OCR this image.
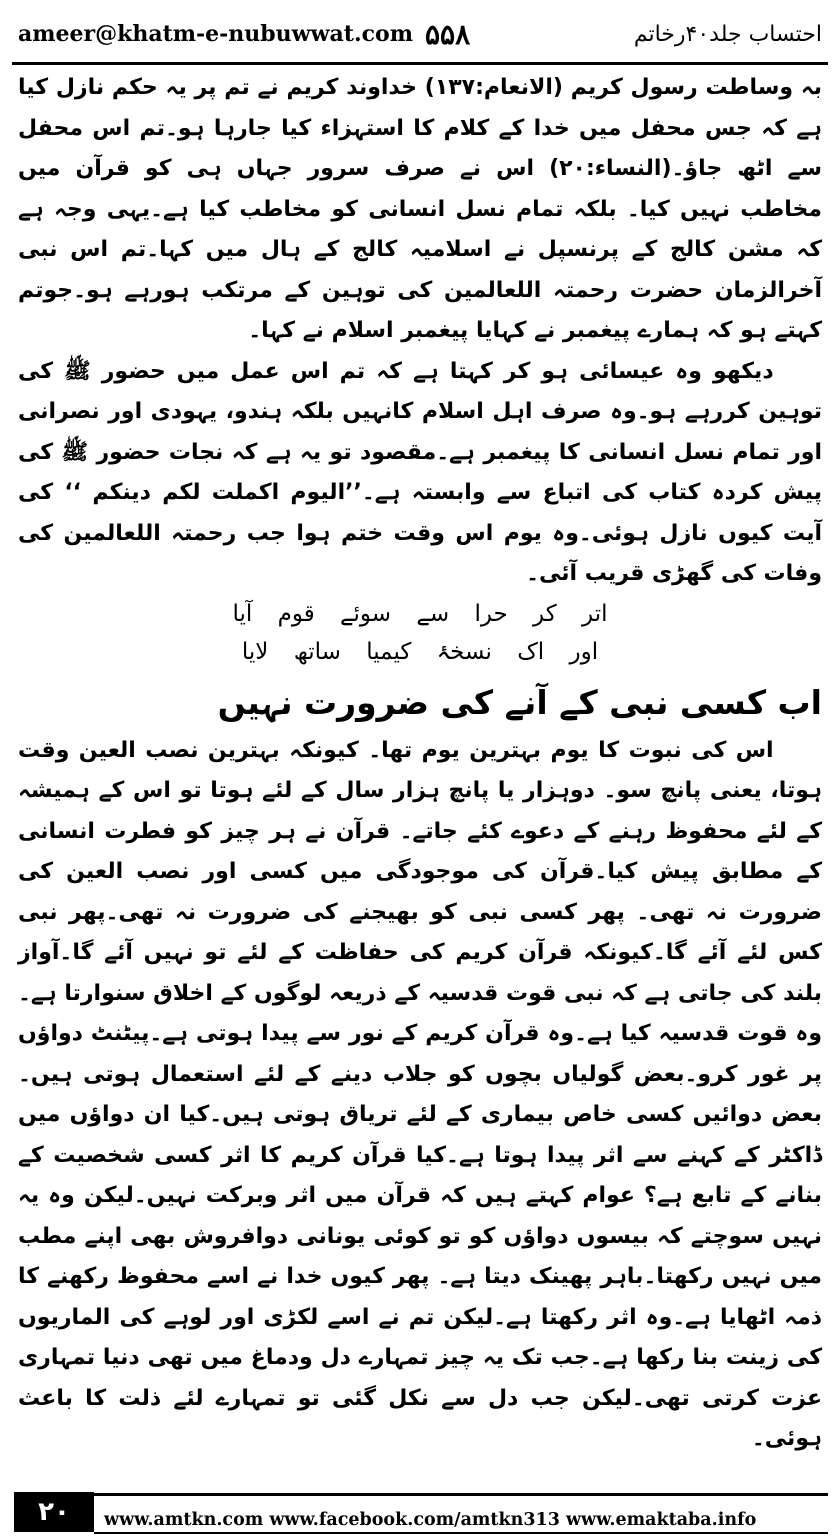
ameer@khatm-e-nubuwwat.com ۵۵۸	احتساب جلد۴۰رخاتم

بہ وساطت رسول کریم (الانعام:۱۳۷) خداوند کریم نے تم پر یہ حکم نازل کیا ہے کہ جس محفل میں خدا کے کلام کا استہزاء کیا جارہا ہو۔تم اس محفل سے اٹھ جاؤ۔(النساء:۲۰) اس نے صرف سرور جہاں ہی کو قرآن میں مخاطب نہیں کیا۔ بلکہ تمام نسل انسانی کو مخاطب کیا ہے۔یہی وجہ ہے کہ مشن کالج کے پرنسپل نے اسلامیہ کالج کے ہال میں کہا۔تم اس نبی آخرالزمان حضرت رحمتہ اللعالمین کی توہین کے مرتکب ہورہے ہو۔جوتم کہتے ہو کہ ہمارے پیغمبر نے کہایا پیغمبر اسلام نے کہا۔

دیکھو وہ عیسائی ہو کر کہتا ہے کہ تم اس عمل میں حضور ﷺ کی توہین کررہے ہو۔وہ صرف اہل اسلام کانہیں بلکہ ہندو، یہودی اور نصرانی اور تمام نسل انسانی کا پیغمبر ہے۔مقصود تو یہ ہے کہ نجات حضور ﷺ کی پیش کردہ کتاب کی اتباع سے وابستہ ہے۔’’الیوم اکملت لکم دینکم ‘‘ کی آیت کیوں نازل ہوئی۔وہ یوم اس وقت ختم ہوا جب رحمتہ اللعالمین کی وفات کی گھڑی قریب آئی۔

اتر کر حرا سے سوئے قوم آیا
اور اک نسخۂ کیمیا ساتھ لایا
اب کسی نبی کے آنے کی ضرورت نہیں

اس کی نبوت کا یوم بہترین یوم تھا۔ کیونکہ بہترین نصب العین وقت ہوتا، یعنی پانچ سو۔ دوہزار یا پانچ ہزار سال کے لئے ہوتا تو اس کے ہمیشہ کے لئے محفوظ رہنے کے دعوے کئے جاتے۔ قرآن نے ہر چیز کو فطرت انسانی کے مطابق پیش کیا۔قرآن کی موجودگی میں کسی اور نصب العین کی ضرورت نہ تھی۔ پھر کسی نبی کو بھیجنے کی ضرورت نہ تھی۔پھر نبی کس لئے آئے گا۔کیونکہ قرآن کریم کی حفاظت کے لئے تو نہیں آئے گا۔آواز بلند کی جاتی ہے کہ نبی قوت قدسیہ کے ذریعہ لوگوں کے اخلاق سنوارتا ہے۔وہ قوت قدسیہ کیا ہے۔وہ قرآن کریم کے نور سے پیدا ہوتی ہے۔پیٹنٹ دواؤں پر غور کرو۔بعض گولیاں بچوں کو جلاب دینے کے لئے استعمال ہوتی ہیں۔بعض دوائیں کسی خاص بیماری کے لئے تریاق ہوتی ہیں۔کیا ان دواؤں میں ڈاکٹر کے کہنے سے اثر پیدا ہوتا ہے۔کیا قرآن کریم کا اثر کسی شخصیت کے بنانے کے تابع ہے؟ عوام کہتے ہیں کہ قرآن میں اثر وبرکت نہیں۔لیکن وہ یہ نہیں سوچتے کہ بیسوں دواؤں کو تو کوئی یونانی دوافروش بھی اپنے مطب میں نہیں رکھتا۔باہر پھینک دیتا ہے۔ پھر کیوں خدا نے اسے محفوظ رکھنے کا ذمہ اٹھایا ہے۔وہ اثر رکھتا ہے۔لیکن تم نے اسے لکڑی اور لوہے کی الماریوں کی زینت بنا رکھا ہے۔جب تک یہ چیز تمہارے دل ودماغ میں تھی دنیا تمہاری عزت کرتی تھی۔لیکن جب دل سے نکل گئی تو تمہارے لئے ذلت کا باعث ہوئی۔

۲۰	www.amtkn.com www.facebook.com/amtkn313 www.emaktaba.info
